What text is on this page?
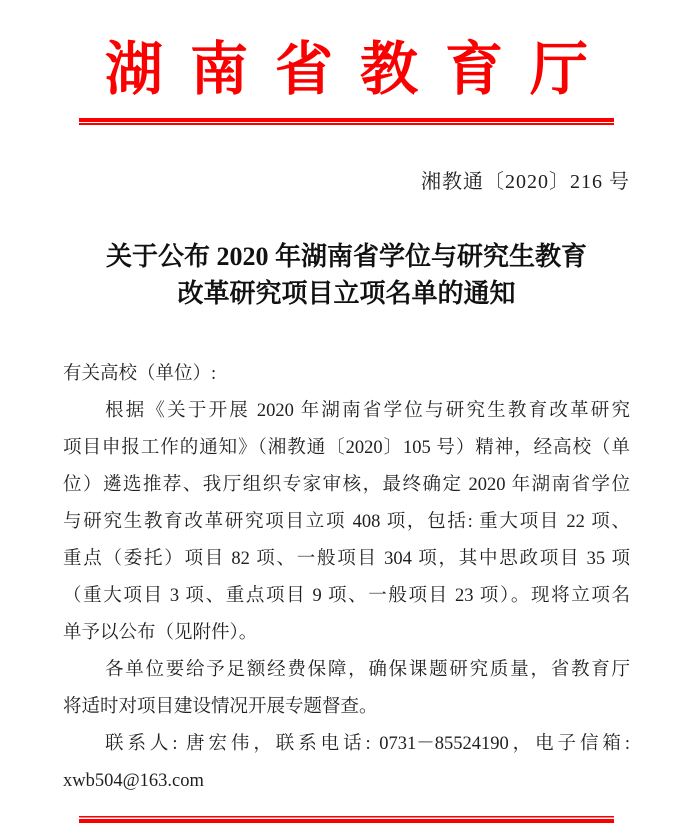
湖南省教育厅
湘教通〔2020〕216 号
关于公布 2020 年湖南省学位与研究生教育
改革研究项目立项名单的通知
有关高校（单位）:
根据《关于开展 2020 年湖南省学位与研究生教育改革研究
项目申报工作的通知》（湘教通〔2020〕105 号）精神，经高校（单
位）遴选推荐、我厅组织专家审核，最终确定 2020 年湖南省学位
与研究生教育改革研究项目立项 408 项，包括: 重大项目 22 项、
重点（委托）项目 82 项、一般项目 304 项，其中思政项目 35 项
（重大项目 3 项、重点项目 9 项、一般项目 23 项）。现将立项名
单予以公布（见附件）。
各单位要给予足额经费保障，确保课题研究质量，省教育厅
将适时对项目建设情况开展专题督查。
联系人: 唐宏伟，联系电话: 0731－85524190，电子信箱:
xwb504@163.com
